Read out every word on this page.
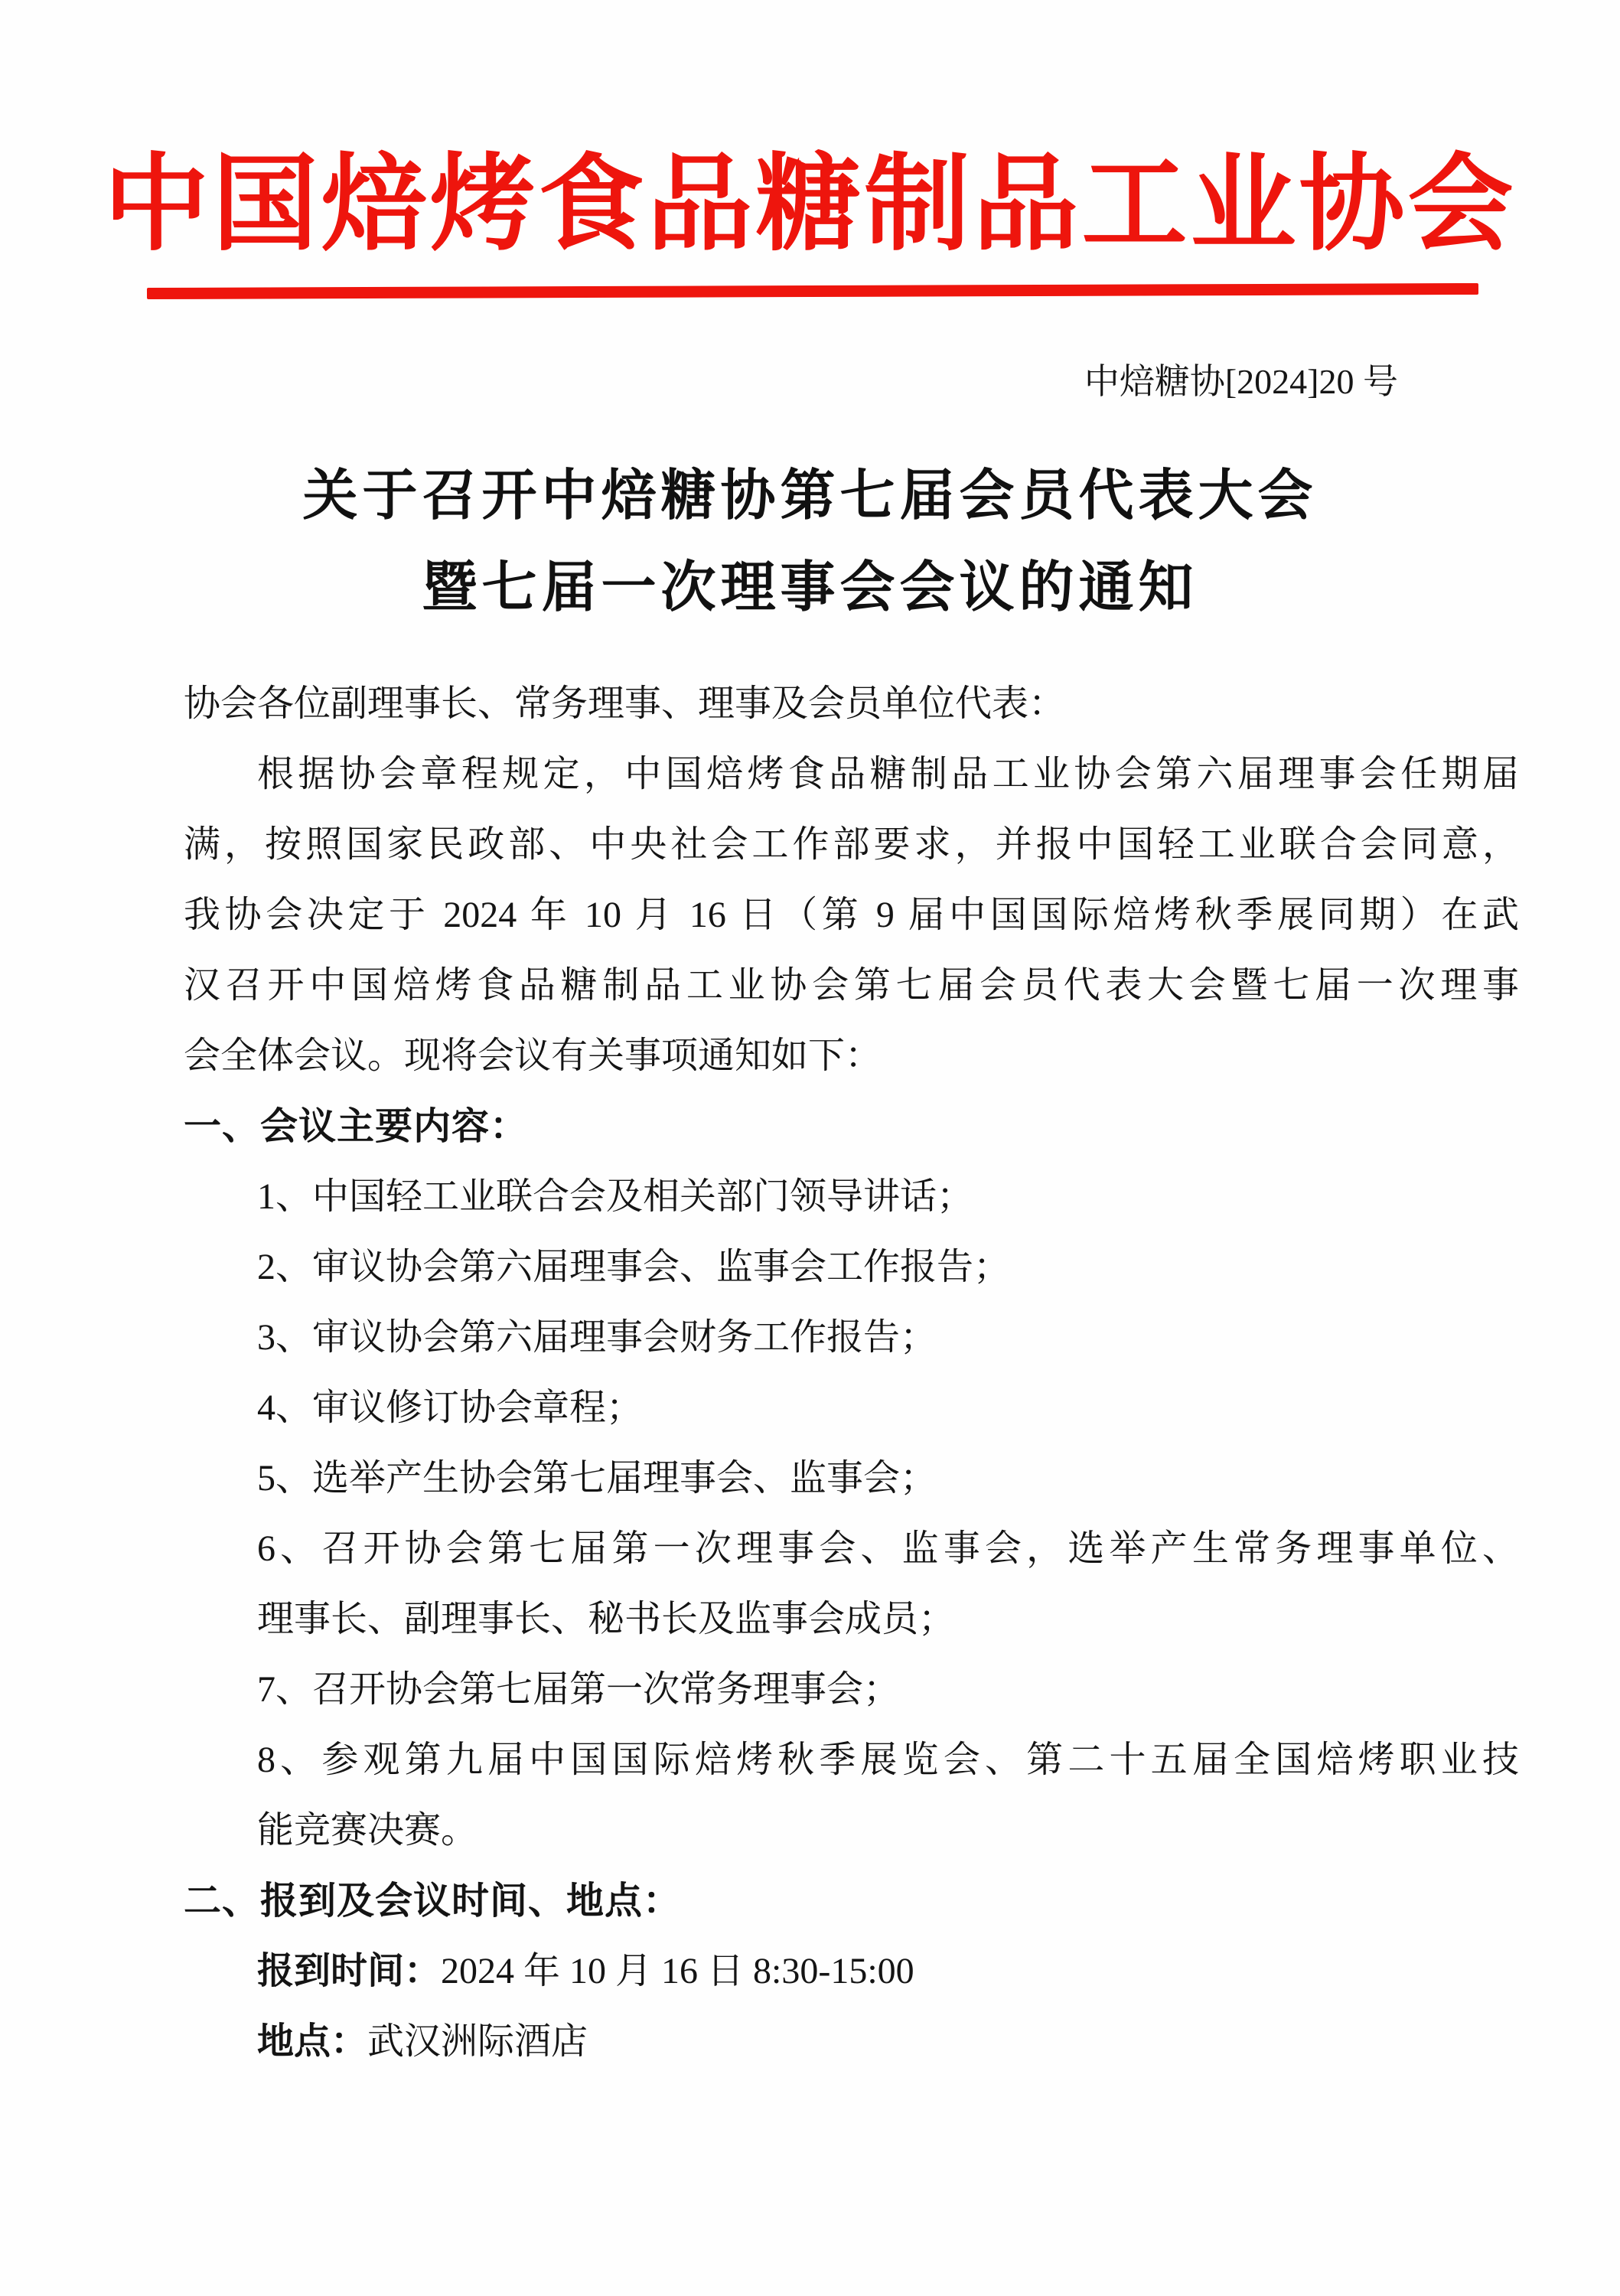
中国焙烤食品糖制品工业协会
中焙糖协[2024]20 号
关于召开中焙糖协第七届会员代表大会
暨七届一次理事会会议的通知
协会各位副理事长、常务理事、理事及会员单位代表：
根据协会章程规定，中国焙烤食品糖制品工业协会第六届理事会任期届
满，按照国家民政部、中央社会工作部要求，并报中国轻工业联合会同意，
我协会决定于 2024 年 10 月 16 日（第 9 届中国国际焙烤秋季展同期）在武
汉召开中国焙烤食品糖制品工业协会第七届会员代表大会暨七届一次理事
会全体会议。现将会议有关事项通知如下：
一、会议主要内容：
1、中国轻工业联合会及相关部门领导讲话；
2、审议协会第六届理事会、监事会工作报告；
3、审议协会第六届理事会财务工作报告；
4、审议修订协会章程；
5、选举产生协会第七届理事会、监事会；
6、召开协会第七届第一次理事会、监事会，选举产生常务理事单位、
理事长、副理事长、秘书长及监事会成员；
7、召开协会第七届第一次常务理事会；
8、参观第九届中国国际焙烤秋季展览会、第二十五届全国焙烤职业技
能竞赛决赛。
二、报到及会议时间、地点：
报到时间：2024 年 10 月 16 日 8:30-15:00
地点：武汉洲际酒店
